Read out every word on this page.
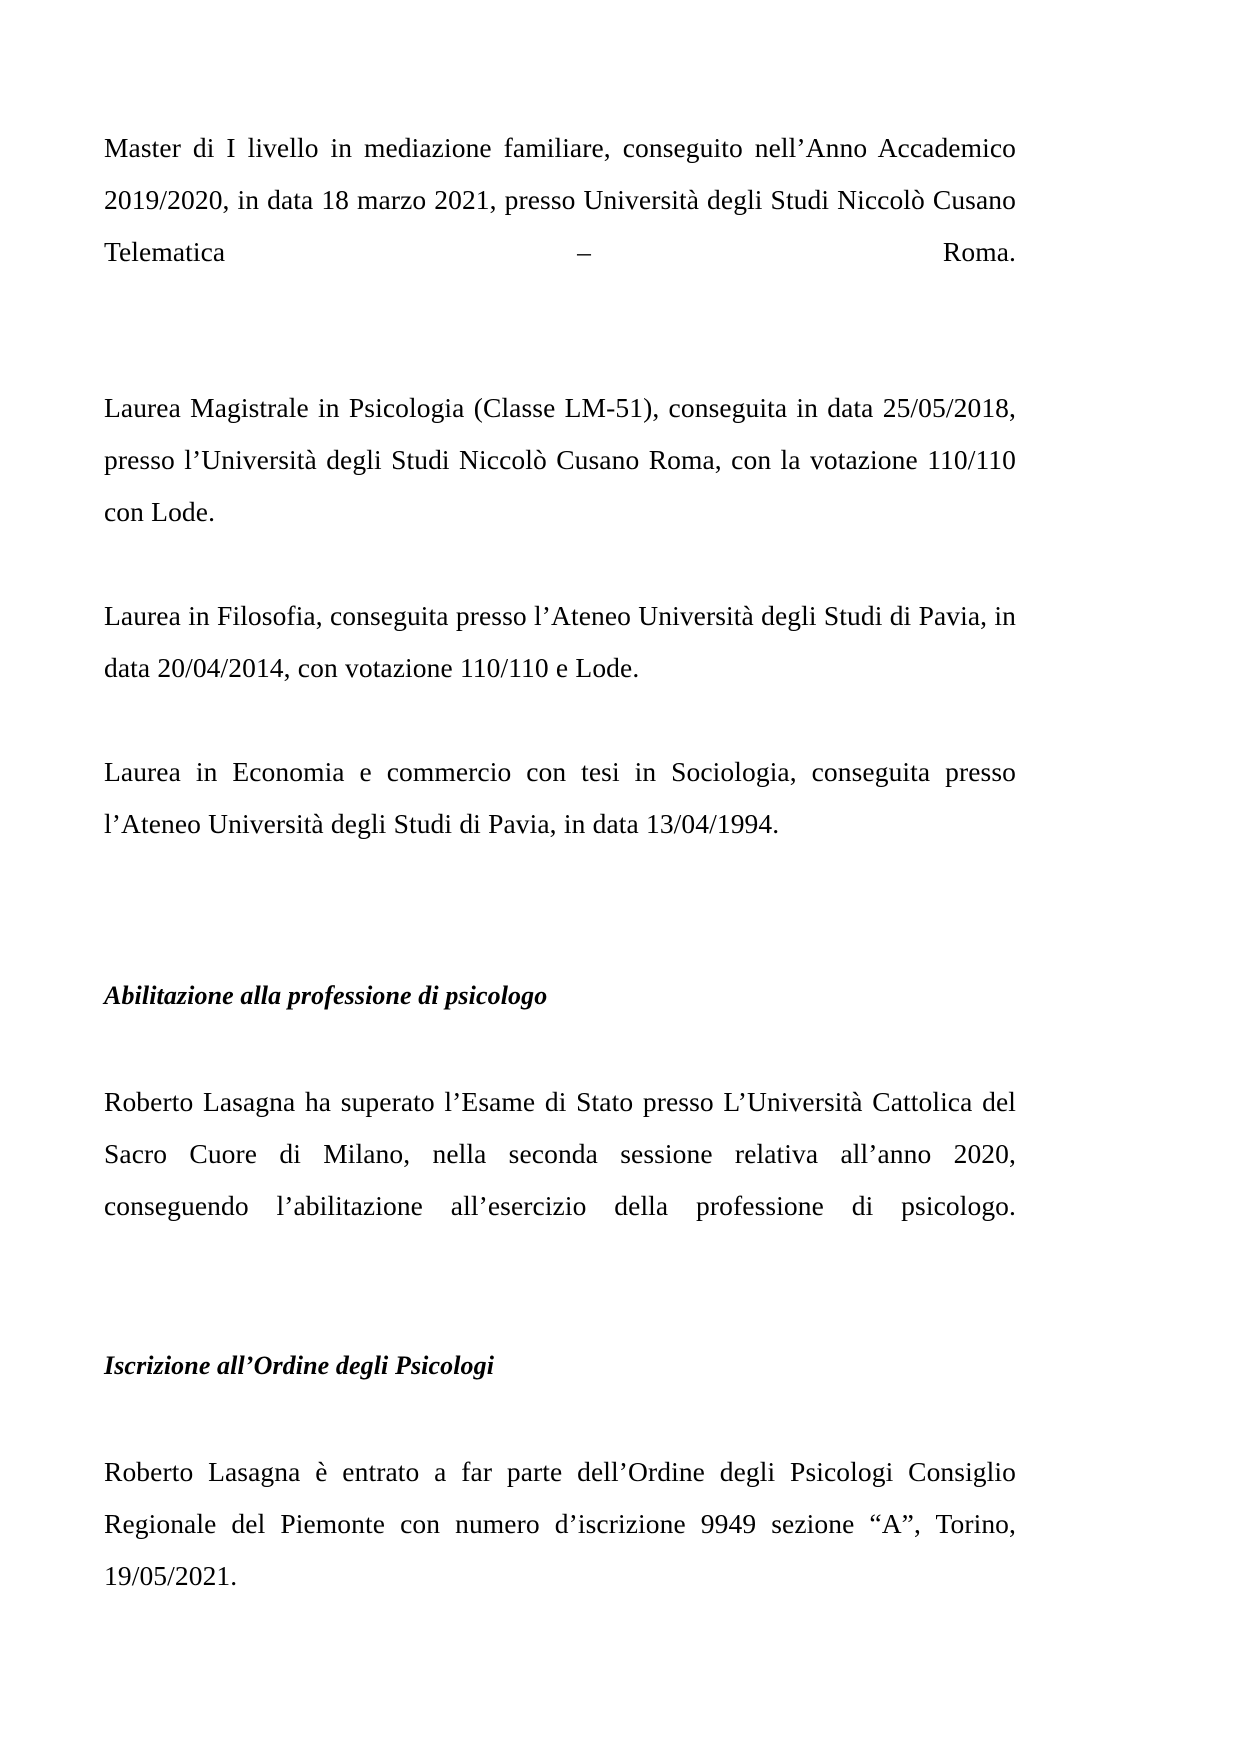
Master di I livello in mediazione familiare, conseguito nell’Anno Accademico 2019/2020, in data 18 marzo 2021, presso Università degli Studi Niccolò Cusano Telematica – Roma.

Laurea Magistrale in Psicologia (Classe LM-51), conseguita in data 25/05/2018, presso l’Università degli Studi Niccolò Cusano Roma, con la votazione 110/110 con Lode.

Laurea in Filosofia, conseguita presso l’Ateneo Università degli Studi di Pavia, in data 20/04/2014, con votazione 110/110 e Lode.

Laurea in Economia e commercio con tesi in Sociologia, conseguita presso l’Ateneo Università degli Studi di Pavia, in data 13/04/1994.

Abilitazione alla professione di psicologo

Roberto Lasagna ha superato l’Esame di Stato presso L’Università Cattolica del Sacro Cuore di Milano, nella seconda sessione relativa all’anno 2020, conseguendo l’abilitazione all’esercizio della professione di psicologo.

Iscrizione all’Ordine degli Psicologi

Roberto Lasagna è entrato a far parte dell’Ordine degli Psicologi Consiglio Regionale del Piemonte con numero d’iscrizione 9949 sezione “A”, Torino, 19/05/2021.
